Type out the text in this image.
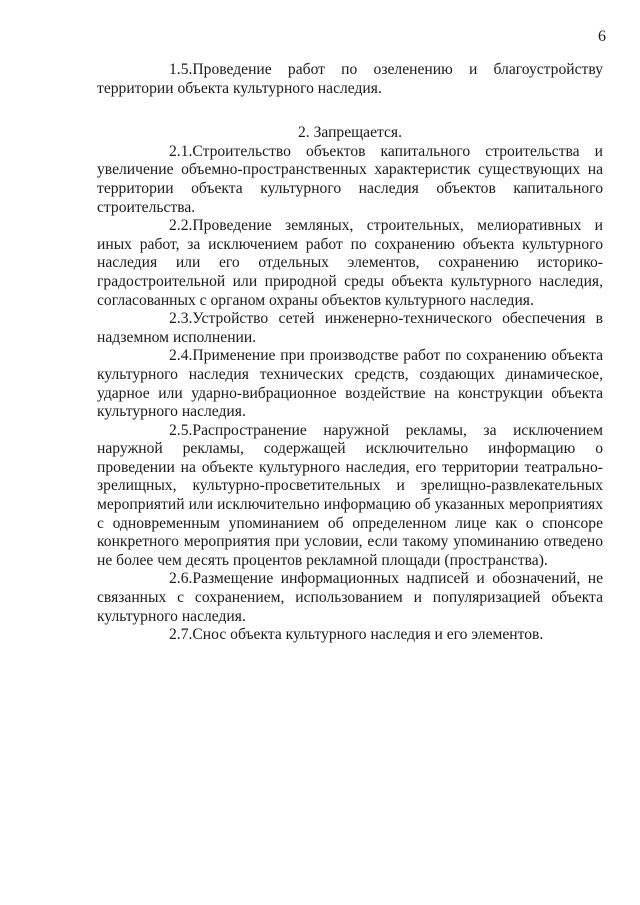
6

1.5.Проведение работ по озеленению и благоустройству территории объекта культурного наследия.

2. Запрещается.

2.1.Строительство объектов капитального строительства и увеличение объемно-пространственных характеристик существующих на территории объекта культурного наследия объектов капитального строительства.

2.2.Проведение земляных, строительных, мелиоративных и иных работ, за исключением работ по сохранению объекта культурного наследия или его отдельных элементов, сохранению историко-градостроительной или природной среды объекта культурного наследия, согласованных с органом охраны объектов культурного наследия.

2.3.Устройство сетей инженерно-технического обеспечения в надземном исполнении.

2.4.Применение при производстве работ по сохранению объекта культурного наследия технических средств, создающих динамическое, ударное или ударно-вибрационное воздействие на конструкции объекта культурного наследия.

2.5.Распространение наружной рекламы, за исключением наружной рекламы, содержащей исключительно информацию о проведении на объекте культурного наследия, его территории театрально-зрелищных, культурно-просветительных и зрелищно-развлекательных мероприятий или исключительно информацию об указанных мероприятиях с одновременным упоминанием об определенном лице как о спонсоре конкретного мероприятия при условии, если такому упоминанию отведено не более чем десять процентов рекламной площади (пространства).

2.6.Размещение информационных надписей и обозначений, не связанных с сохранением, использованием и популяризацией объекта культурного наследия.

2.7.Снос объекта культурного наследия и его элементов.
